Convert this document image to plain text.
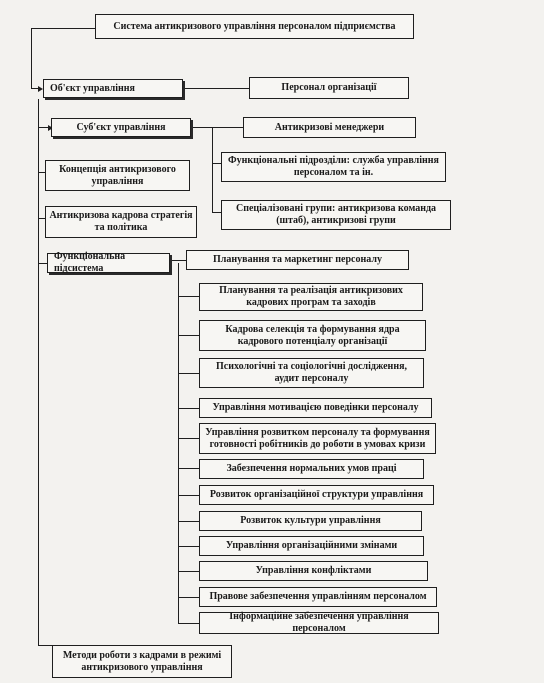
Система антикризового управління персоналом підприємства
Об'єкт управління	Персонал організації
Суб'єкт управління	Антикризові менеджери
Функціональні підрозділи: служба управління персоналом та ін.
Спеціалізовані групи: антикризова команда (штаб), антикризові групи
Концепція антикризового управління
Антикризова кадрова стратегія та політика
Функціональна підсистема
Планування та маркетинг персоналу
Планування та реалізація антикризових кадрових програм та заходів
Кадрова селекція та формування ядра кадрового потенціалу організації
Психологічні та соціологічні дослідження, аудит персоналу
Управління мотивацією поведінки персоналу
Управління розвитком персоналу та формування готовності робітників до роботи в умовах кризи
Забезпечення нормальних умов праці
Розвиток організаційної структури управління
Розвиток культури управління
Управління організаційними змінами
Управління конфліктами
Правове забезпечення управлінням персоналом
Інформаційне забезпечення управління персоналом
Методи роботи з кадрами в режимі антикризового управління
